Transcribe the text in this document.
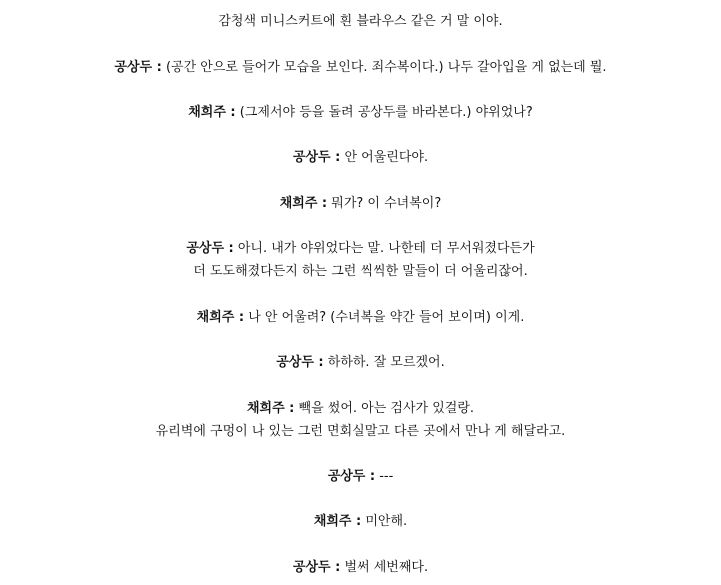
감청색 미니스커트에 흰 블라우스 같은 거 말 이야.
공상두 : (공간 안으로 들어가 모습을 보인다. 죄수복이다.) 나두 갈아입을 게 없는데 뭘.
채희주 : (그제서야 등을 돌려 공상두를 바라본다.) 야위었나?
공상두 : 안 어울린다야.
채희주 : 뭐가? 이 수녀복이?
공상두 : 아니. 내가 야위었다는 말. 나한테 더 무서워졌다든가
더 도도해졌다든지 하는 그런 씩씩한 말들이 더 어울리잖어.
채희주 : 나 안 어울려? (수녀복을 약간 들어 보이며) 이게.
공상두 : 하하하. 잘 모르겠어.
채희주 : 빽을 썼어. 아는 검사가 있걸랑.
유리벽에 구멍이 나 있는 그런 면회실말고 다른 곳에서 만나 게 해달라고.
공상두 : ---
채희주 : 미안해.
공상두 : 벌써 세번째다.
